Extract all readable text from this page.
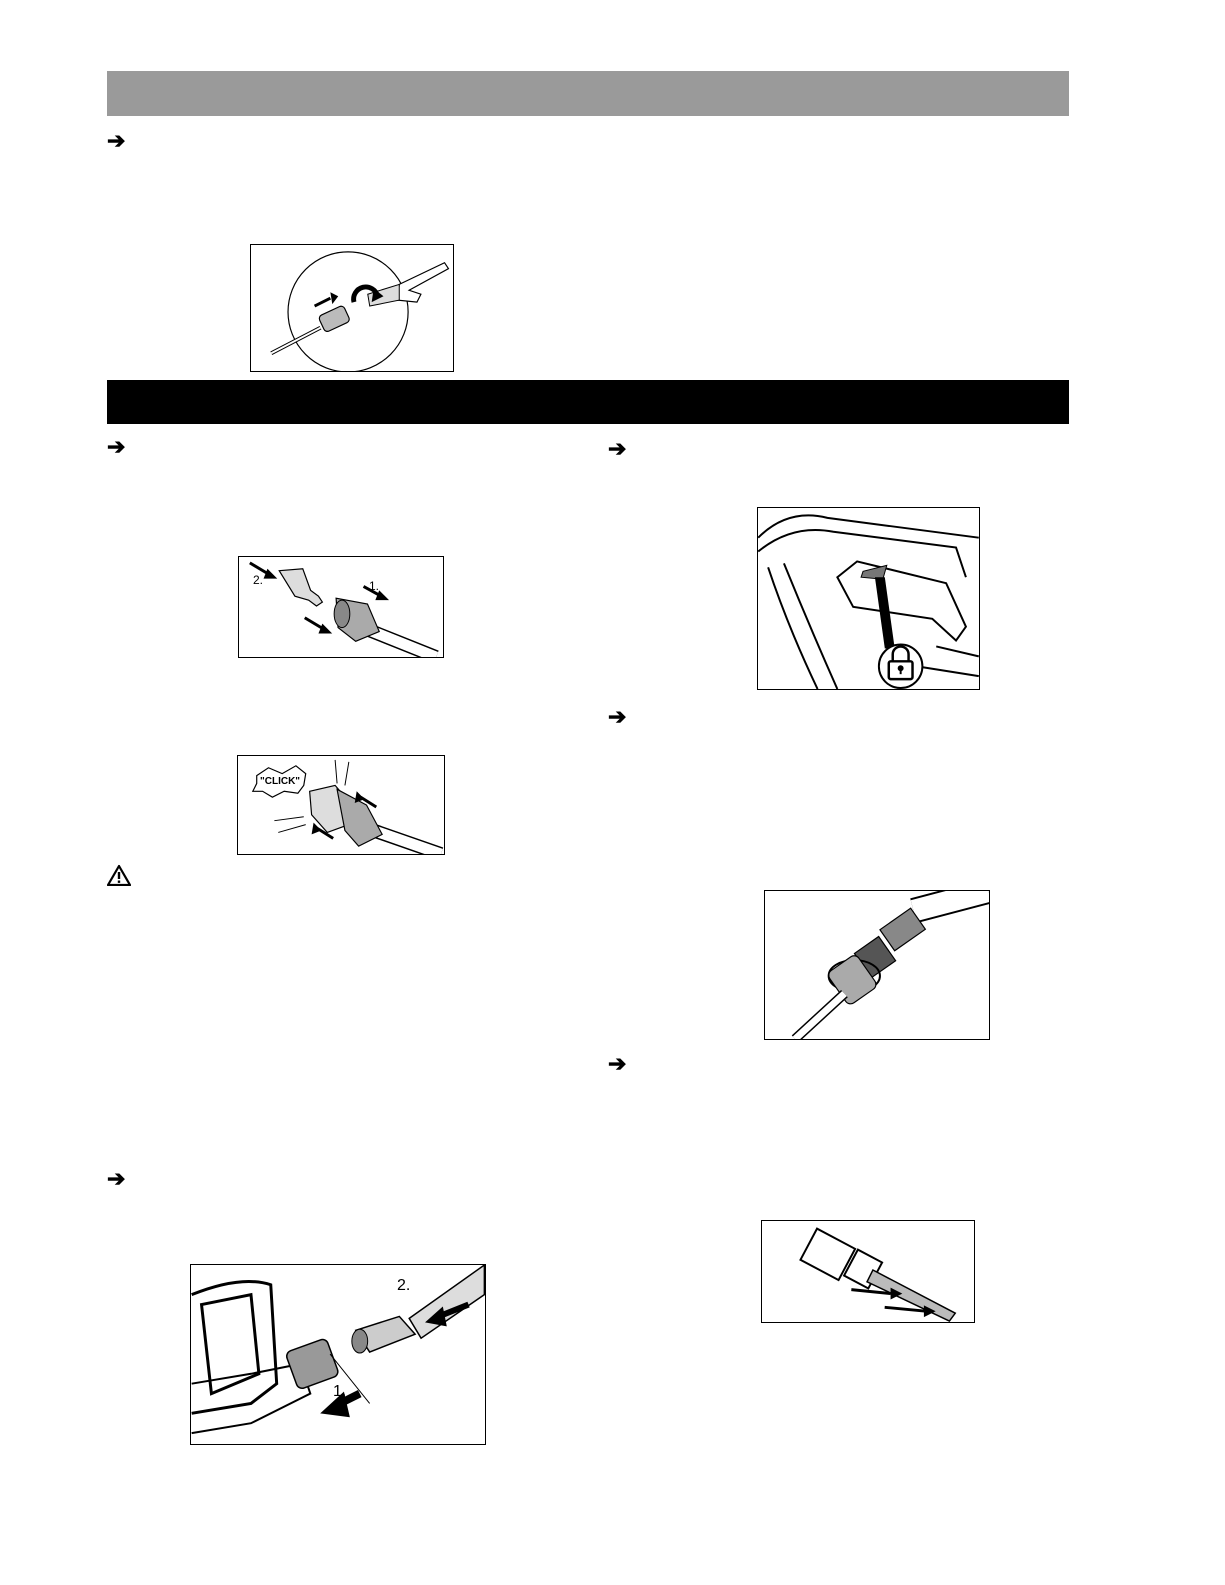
➔
➔
➔
➔
➔
➔
2.	1.
"CLICK"
2.
1.
